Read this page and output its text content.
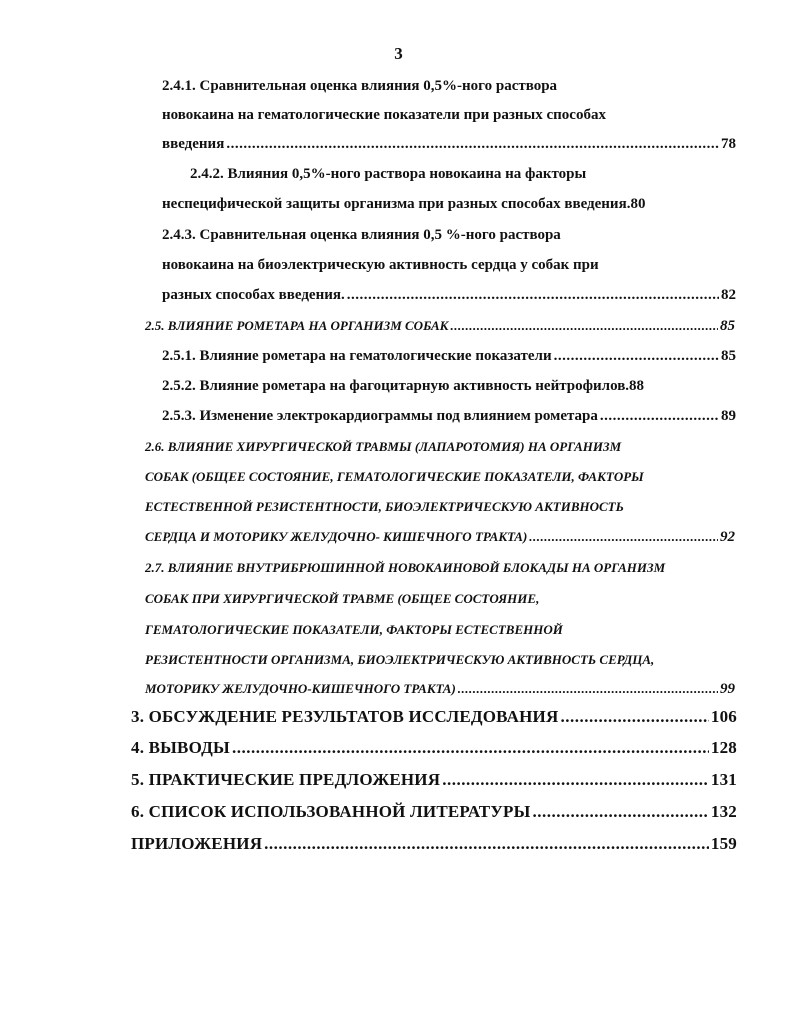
3
2.4.1. Сравнительная оценка влияния 0,5%-ного раствора
новокаина на гематологические показатели при разных способах
введения .....	78
2.4.2. Влияния 0,5%-ного раствора новокаина на факторы
неспецифической защиты организма при разных способах введения. 80
2.4.3. Сравнительная оценка влияния 0,5 %-ного раствора
новокаина на биоэлектрическую активность сердца у собак при
разных способах введения. .....	82
2.5. ВЛИЯНИЕ РОМЕТАРА НА ОРГАНИЗМ СОБАК .....	85
2.5.1. Влияние рометара на гематологические показатели .....	85
2.5.2. Влияние рометара на фагоцитарную активность нейтрофилов. 88
2.5.3. Изменение электрокардиограммы под влиянием рометара .....	89
2.6. ВЛИЯНИЕ ХИРУРГИЧЕСКОЙ ТРАВМЫ (ЛАПАРОТОМИЯ) НА ОРГАНИЗМ
СОБАК (ОБЩЕЕ СОСТОЯНИЕ, ГЕМАТОЛОГИЧЕСКИЕ ПОКАЗАТЕЛИ, ФАКТОРЫ
ЕСТЕСТВЕННОЙ РЕЗИСТЕНТНОСТИ, БИОЭЛЕКТРИЧЕСКУЮ АКТИВНОСТЬ
СЕРДЦА И МОТОРИКУ ЖЕЛУДОЧНО- КИШЕЧНОГО ТРАКТА) .....	92
2.7. ВЛИЯНИЕ ВНУТРИБРЮШИННОЙ НОВОКАИНОВОЙ БЛОКАДЫ НА ОРГАНИЗМ
СОБАК ПРИ ХИРУРГИЧЕСКОЙ ТРАВМЕ (ОБЩЕЕ СОСТОЯНИЕ,
ГЕМАТОЛОГИЧЕСКИЕ ПОКАЗАТЕЛИ, ФАКТОРЫ ЕСТЕСТВЕННОЙ
РЕЗИСТЕНТНОСТИ ОРГАНИЗМА, БИОЭЛЕКТРИЧЕСКУЮ АКТИВНОСТЬ СЕРДЦА,
МОТОРИКУ ЖЕЛУДОЧНО-КИШЕЧНОГО ТРАКТА) .....	99
3. ОБСУЖДЕНИЕ РЕЗУЛЬТАТОВ ИССЛЕДОВАНИЯ .....	106
4. ВЫВОДЫ .....	128
5. ПРАКТИЧЕСКИЕ ПРЕДЛОЖЕНИЯ .....	131
6. СПИСОК ИСПОЛЬЗОВАННОЙ ЛИТЕРАТУРЫ .....	132
ПРИЛОЖЕНИЯ .....	159
